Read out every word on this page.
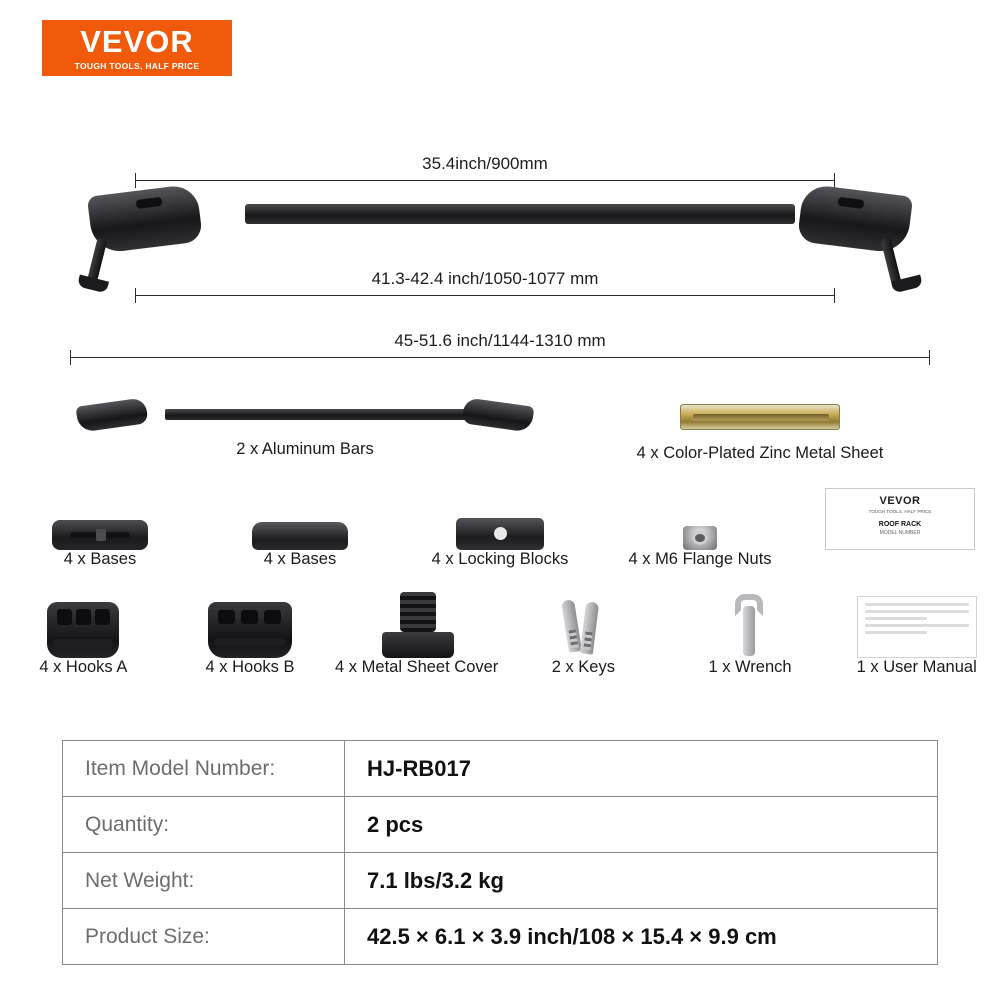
VEVOR
TOUGH TOOLS, HALF PRICE
35.4inch/900mm
41.3-42.4 inch/1050-1077 mm
45-51.6 inch/1144-1310 mm
2 x Aluminum Bars	4 x Color-Plated Zinc Metal Sheet
4 x Bases	4 x Bases	4 x Locking Blocks	4 x M6 Flange Nuts
VEVOR
TOUGH TOOLS, HALF PRICE
ROOF RACK
MODEL NUMBER
4 x Hooks A	4 x Hooks B	4 x Metal Sheet Cover	2 x Keys	1 x Wrench	1 x User Manual
Item Model Number:	HJ-RB017
Quantity:	2 pcs
Net Weight:	7.1 lbs/3.2 kg
Product Size:	42.5 × 6.1 × 3.9 inch/108 × 15.4 × 9.9 cm
